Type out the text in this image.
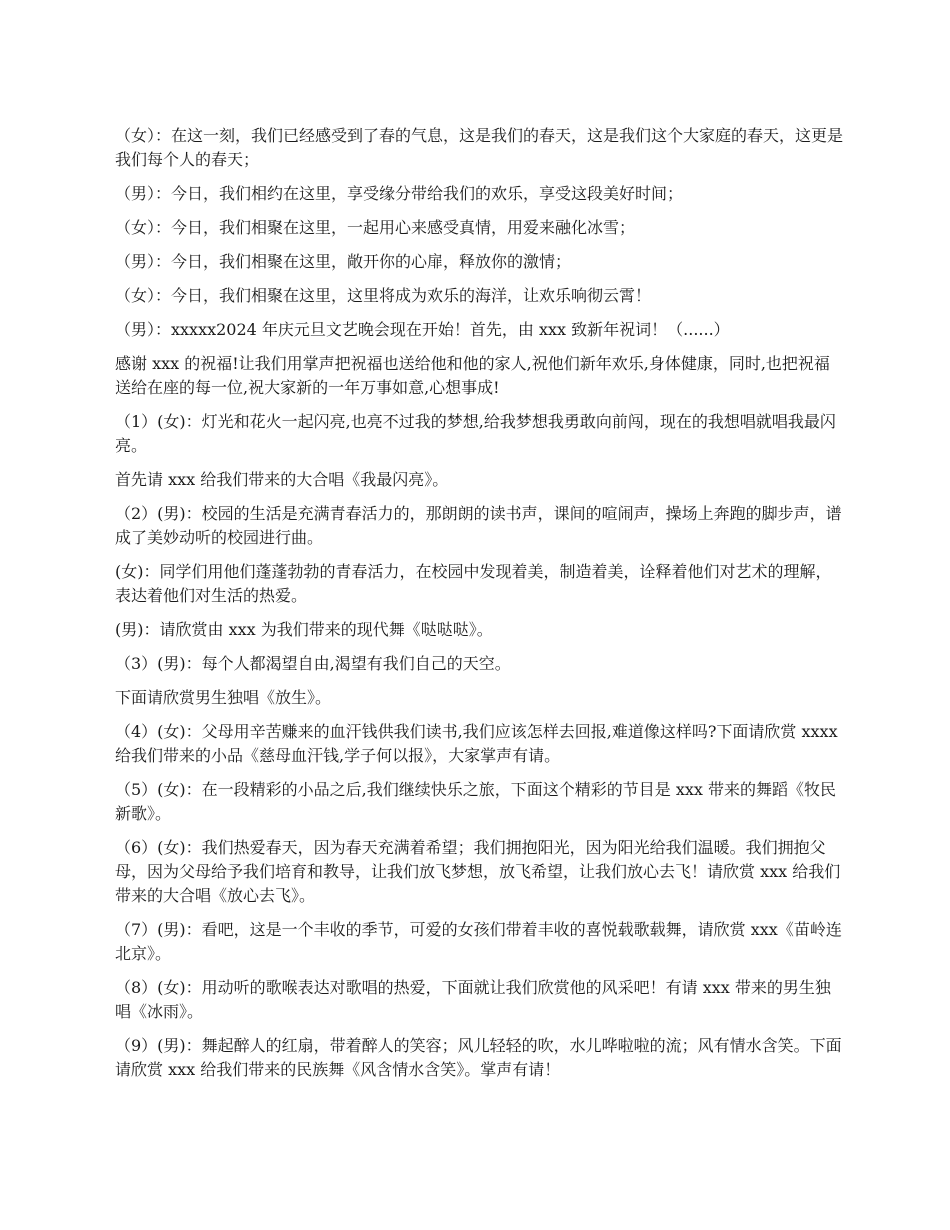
（女）：在这一刻，我们已经感受到了春的气息，这是我们的春天，这是我们这个大家庭的春天，这更是我们每个人的春天；

（男）：今日，我们相约在这里，享受缘分带给我们的欢乐，享受这段美好时间；

（女）：今日，我们相聚在这里，一起用心来感受真情，用爱来融化冰雪；

（男）：今日，我们相聚在这里，敞开你的心扉，释放你的激情；

（女）：今日，我们相聚在这里，这里将成为欢乐的海洋，让欢乐响彻云霄！

（男）：xxxxx2024 年庆元旦文艺晚会现在开始！首先，由 xxx 致新年祝词！（......）

感谢 xxx 的祝福!让我们用掌声把祝福也送给他和他的家人,祝他们新年欢乐,身体健康，同时,也把祝福送给在座的每一位,祝大家新的一年万事如意,心想事成!

（1）(女)：灯光和花火一起闪亮,也亮不过我的梦想,给我梦想我勇敢向前闯，现在的我想唱就唱我最闪亮。

首先请 xxx 给我们带来的大合唱《我最闪亮》。

（2）(男)：校园的生活是充满青春活力的，那朗朗的读书声，课间的喧闹声，操场上奔跑的脚步声，谱成了美妙动听的校园进行曲。

(女)：同学们用他们蓬蓬勃勃的青春活力，在校园中发现着美，制造着美，诠释着他们对艺术的理解，表达着他们对生活的热爱。

(男)：请欣赏由 xxx 为我们带来的现代舞《哒哒哒》。

（3）(男)：每个人都渴望自由,渴望有我们自己的天空。

下面请欣赏男生独唱《放生》。

（4）(女)：父母用辛苦赚来的血汗钱供我们读书,我们应该怎样去回报,难道像这样吗?下面请欣赏 xxxx 给我们带来的小品《慈母血汗钱,学子何以报》，大家掌声有请。

（5）(女)：在一段精彩的小品之后,我们继续快乐之旅，下面这个精彩的节目是 xxx 带来的舞蹈《牧民新歌》。

（6）(女)：我们热爱春天，因为春天充满着希望；我们拥抱阳光，因为阳光给我们温暖。我们拥抱父母，因为父母给予我们培育和教导，让我们放飞梦想，放飞希望，让我们放心去飞！请欣赏 xxx 给我们带来的大合唱《放心去飞》。

（7）(男)：看吧，这是一个丰收的季节，可爱的女孩们带着丰收的喜悦载歌载舞，请欣赏 xxx《苗岭连北京》。

（8）(女)：用动听的歌喉表达对歌唱的热爱，下面就让我们欣赏他的风采吧！有请 xxx 带来的男生独唱《冰雨》。

（9）(男)：舞起醉人的红扇，带着醉人的笑容；风儿轻轻的吹，水儿哗啦啦的流；风有情水含笑。下面请欣赏 xxx 给我们带来的民族舞《风含情水含笑》。掌声有请！
